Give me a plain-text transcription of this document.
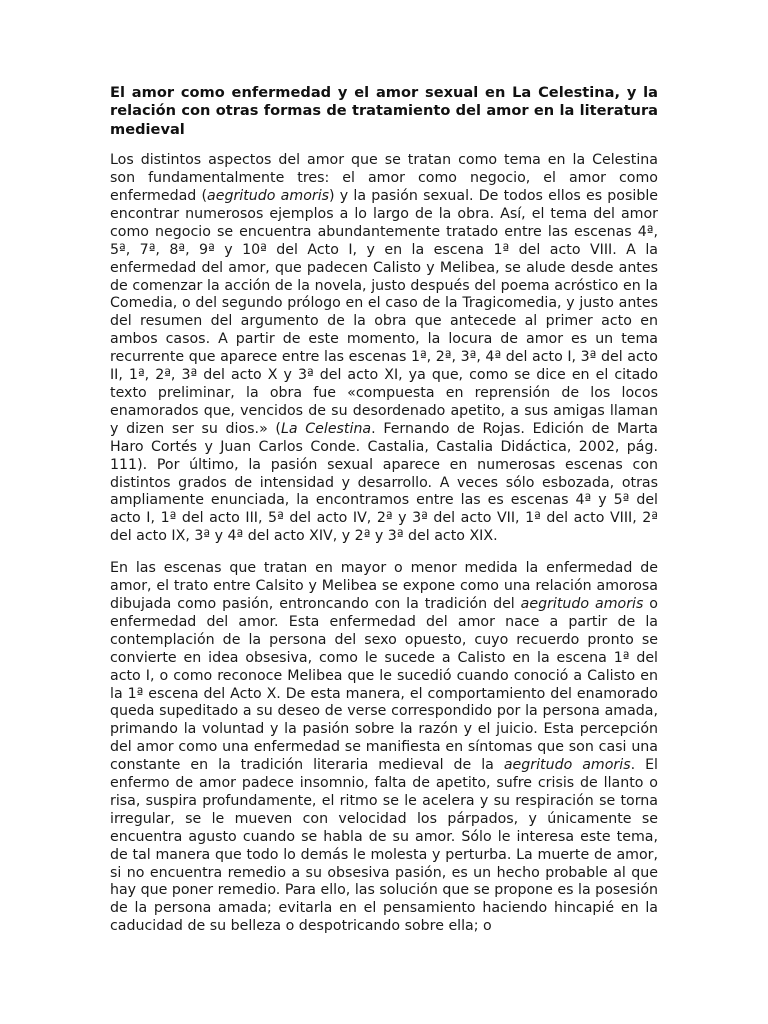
El amor como enfermedad y el amor sexual en La Celestina, y la relación con otras formas de tratamiento del amor en la literatura medieval

Los distintos aspectos del amor que se tratan como tema en la Celestina son fundamentalmente tres: el amor como negocio, el amor como enfermedad (aegritudo amoris) y la pasión sexual. De todos ellos es posible encontrar numerosos ejemplos a lo largo de la obra. Así, el tema del amor como negocio se encuentra abundantemente tratado entre las escenas 4ª, 5ª, 7ª, 8ª, 9ª y 10ª del Acto I, y en la escena 1ª del acto VIII. A la enfermedad del amor, que padecen Calisto y Melibea, se alude desde antes de comenzar la acción de la novela, justo después del poema acróstico en la Comedia, o del segundo prólogo en el caso de la Tragicomedia, y justo antes del resumen del argumento de la obra que antecede al primer acto en ambos casos. A partir de este momento, la locura de amor es un tema recurrente que aparece entre las escenas 1ª, 2ª, 3ª, 4ª del acto I, 3ª del acto II, 1ª, 2ª, 3ª del acto X y 3ª del acto XI, ya que, como se dice en el citado texto preliminar, la obra fue «compuesta en reprensión de los locos enamorados que, vencidos de su desordenado apetito, a sus amigas llaman y dizen ser su dios.» (La Celestina. Fernando de Rojas. Edición de Marta Haro Cortés y Juan Carlos Conde. Castalia, Castalia Didáctica, 2002, pág. 111). Por último, la pasión sexual aparece en numerosas escenas con distintos grados de intensidad y desarrollo. A veces sólo esbozada, otras ampliamente enunciada, la encontramos entre las es escenas 4ª y 5ª del acto I, 1ª del acto III, 5ª del acto IV, 2ª y 3ª del acto VII, 1ª del acto VIII, 2ª del acto IX, 3ª y 4ª del acto XIV, y 2ª y 3ª del acto XIX.

En las escenas que tratan en mayor o menor medida la enfermedad de amor, el trato entre Calsito y Melibea se expone como una relación amorosa dibujada como pasión, entroncando con la tradición del aegritudo amoris o enfermedad del amor. Esta enfermedad del amor nace a partir de la contemplación de la persona del sexo opuesto, cuyo recuerdo pronto se convierte en idea obsesiva, como le sucede a Calisto en la escena 1ª del acto I, o como reconoce Melibea que le sucedió cuando conoció a Calisto en la 1ª escena del Acto X. De esta manera, el comportamiento del enamorado queda supeditado a su deseo de verse correspondido por la persona amada, primando la voluntad y la pasión sobre la razón y el juicio. Esta percepción del amor como una enfermedad se manifiesta en síntomas que son casi una constante en la tradición literaria medieval de la aegritudo amoris. El enfermo de amor padece insomnio, falta de apetito, sufre crisis de llanto o risa, suspira profundamente, el ritmo se le acelera y su respiración se torna irregular, se le mueven con velocidad los párpados, y únicamente se encuentra agusto cuando se habla de su amor. Sólo le interesa este tema, de tal manera que todo lo demás le molesta y perturba. La muerte de amor, si no encuentra remedio a su obsesiva pasión, es un hecho probable al que hay que poner remedio. Para ello, las solución que se propone es la posesión de la persona amada; evitarla en el pensamiento haciendo hincapié en la caducidad de su belleza o despotricando sobre ella; o
